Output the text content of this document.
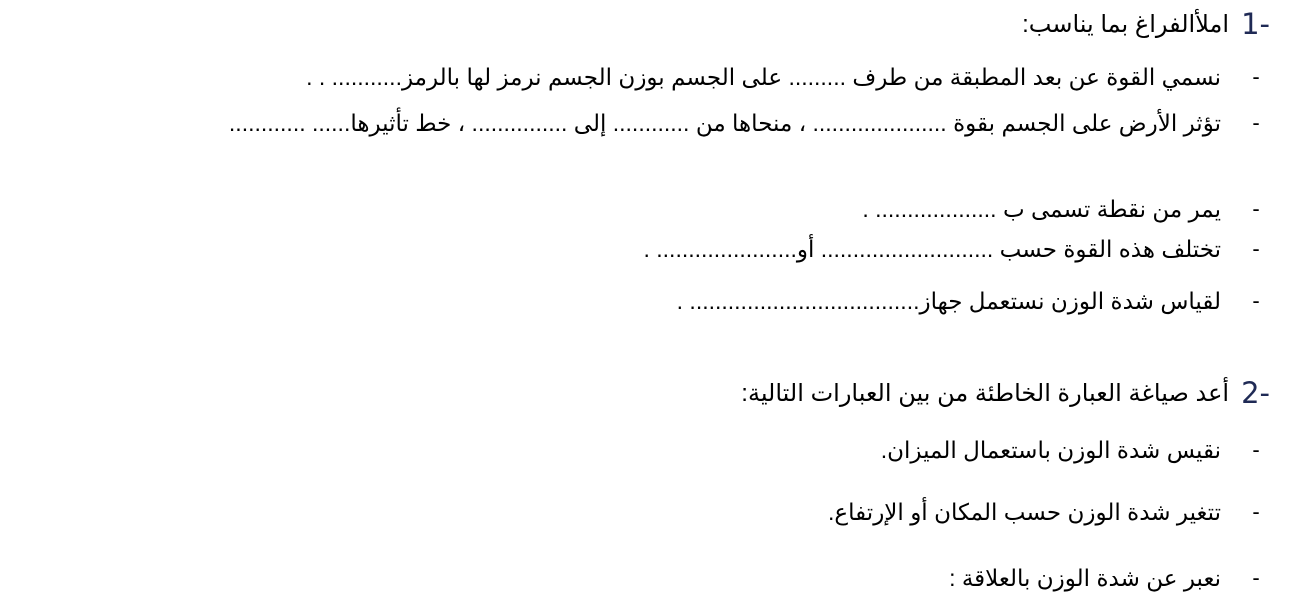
1-
املأالفراغ بما يناسب:
-
نسمي القوة عن بعد المطبقة من طرف ......... على الجسم بوزن الجسم نرمز لها بالرمز........... . .
-
تؤثر الأرض على الجسم بقوة ..................... ، منحاها من ............ إلى ............... ، خط تأثيرها...... ............
-
يمر من نقطة تسمى ب ................... .
-
تختلف هذه القوة حسب ........................... أو...................... .
-
لقياس شدة الوزن نستعمل جهاز.................................... .
2-
أعد صياغة العبارة الخاطئة من بين العبارات التالية:
-
نقيس شدة الوزن باستعمال الميزان.
-
تتغير شدة الوزن حسب المكان أو الإرتفاع.
-
نعبر عن شدة الوزن بالعلاقة :
